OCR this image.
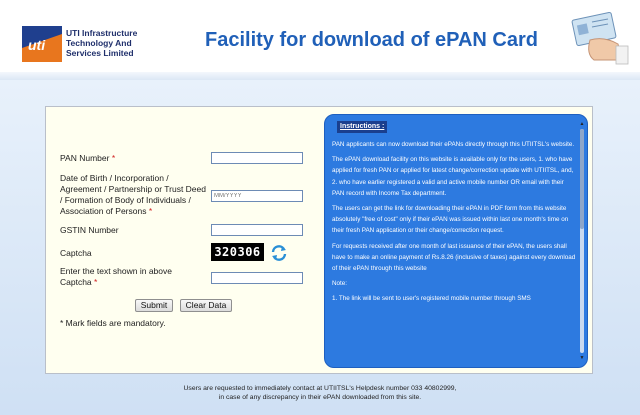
uti
UTI Infrastructure
Technology And
Services Limited
Facility for download of ePAN Card
PAN Number *
Date of Birth / Incorporation / Agreement / Partnership or Trust Deed / Formation of Body of Individuals / Association of Persons *
MM/YYYY
GSTIN Number
Captcha	320306
Enter the text shown in above Captcha *
Submit	Clear Data
* Mark fields are mandatory.
Instructions :

PAN applicants can now download their ePANs directly through this UTIITSL's website.

The ePAN download facility on this website is available only for the users, 1. who have applied for fresh PAN or applied for latest change/correction update with UTIITSL, and, 2. who have earlier registered a valid and active mobile number OR email with their PAN record with Income Tax department.

The users can get the link for downloading their ePAN in PDF form from this website absolutely "free of cost" only if their ePAN was issued within last one month's time on their fresh PAN application or their change/correction request.

For requests received after one month of last issuance of their ePAN, the users shall have to make an online payment of Rs.8.26 (inclusive of taxes) against every download of their ePAN through this website

Note:

1. The link will be sent to user's registered mobile number through SMS

▲
▼
Users are requested to immediately contact at UTIITSL's Helpdesk number 033 40802999,
in case of any discrepancy in their ePAN downloaded from this site.
